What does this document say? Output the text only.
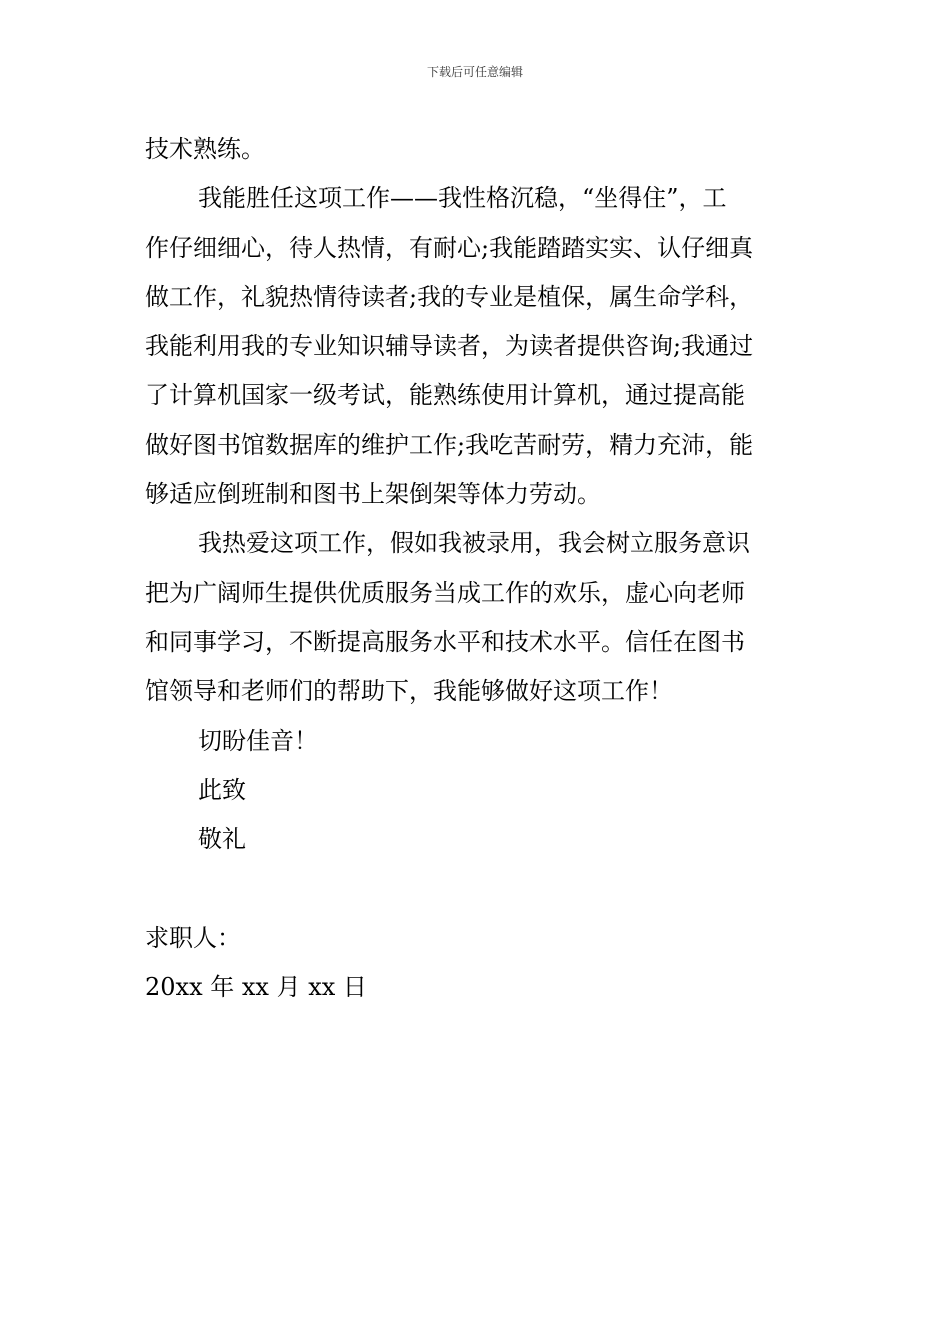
下载后可任意编辑
技术熟练。
我能胜任这项工作——我性格沉稳，“坐得住”，工
作仔细细心，待人热情，有耐心;我能踏踏实实、认仔细真
做工作，礼貌热情待读者;我的专业是植保，属生命学科，
我能利用我的专业知识辅导读者，为读者提供咨询;我通过
了计算机国家一级考试，能熟练使用计算机，通过提高能
做好图书馆数据库的维护工作;我吃苦耐劳，精力充沛，能
够适应倒班制和图书上架倒架等体力劳动。
我热爱这项工作，假如我被录用，我会树立服务意识
把为广阔师生提供优质服务当成工作的欢乐，虚心向老师
和同事学习，不断提高服务水平和技术水平。信任在图书
馆领导和老师们的帮助下，我能够做好这项工作！
切盼佳音！
此致
敬礼
求职人：
20xx 年 xx 月 xx 日
